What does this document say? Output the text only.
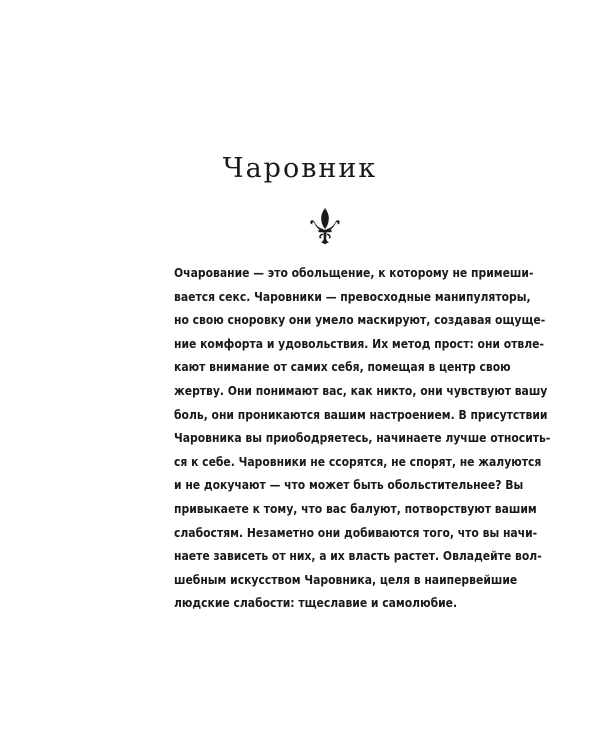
Чаровник
Очарование — это обольщение, к которому не примеши-
вается секс. Чаровники — превосходные манипуляторы,
но свою сноровку они умело маскируют, создавая ощуще-
ние комфорта и удовольствия. Их метод прост: они отвле-
кают внимание от самих себя, помещая в центр свою
жертву. Они понимают вас, как никто, они чувствуют вашу
боль, они проникаются вашим настроением. В присутствии
Чаровника вы приободряетесь, начинаете лучше относить-
ся к себе. Чаровники не ссорятся, не спорят, не жалуются
и не докучают — что может быть обольстительнее? Вы
привыкаете к тому, что вас балуют, потворствуют вашим
слабостям. Незаметно они добиваются того, что вы начи-
наете зависеть от них, а их власть растет. Овладейте вол-
шебным искусством Чаровника, целя в наипервейшие
людские слабости: тщеславие и самолюбие.
